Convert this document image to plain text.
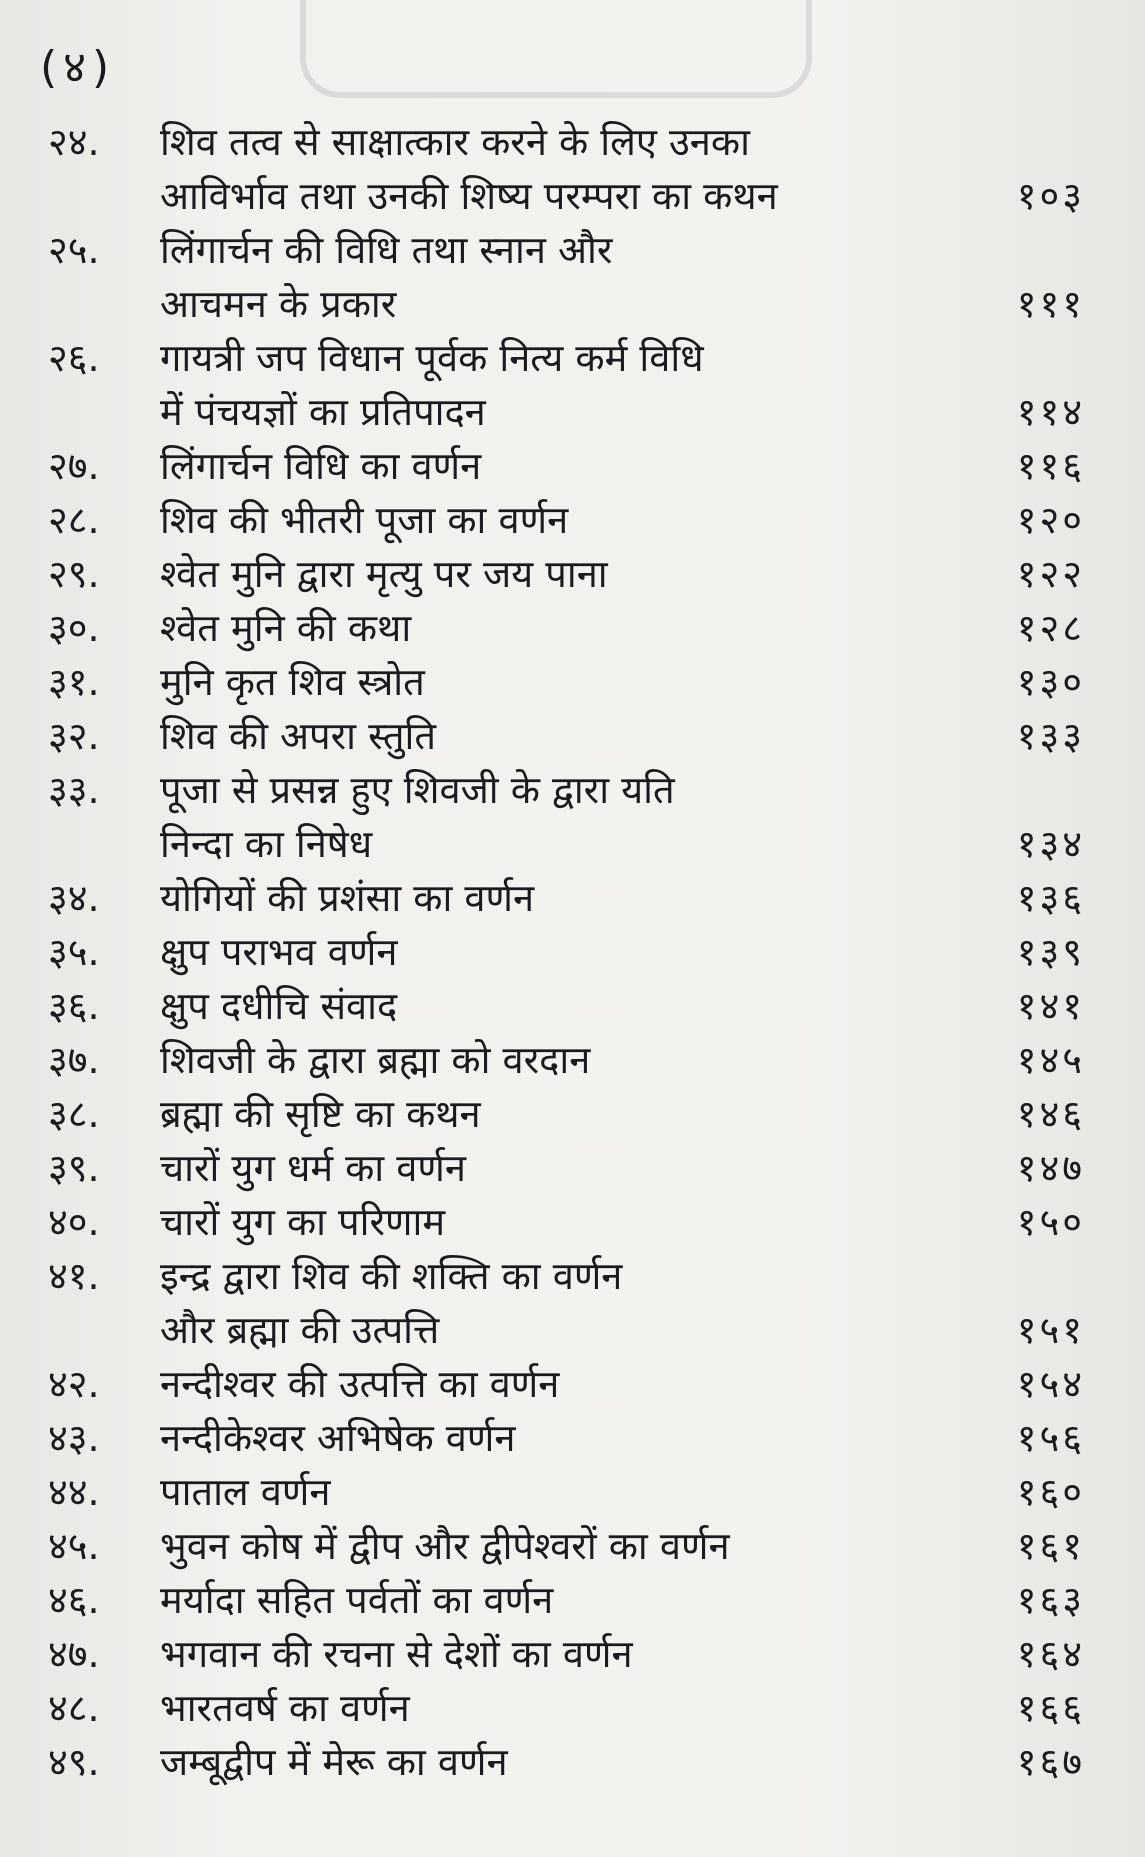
(४)
२४.	शिव तत्व से साक्षात्कार करने के लिए उनका
आविर्भाव तथा उनकी शिष्य परम्परा का कथन	१०३
२५.	लिंगार्चन की विधि तथा स्नान और
आचमन के प्रकार	१११
२६.	गायत्री जप विधान पूर्वक नित्य कर्म विधि
में पंचयज्ञों का प्रतिपादन	११४
२७.	लिंगार्चन विधि का वर्णन	११६
२८.	शिव की भीतरी पूजा का वर्णन	१२०
२९.	श्वेत मुनि द्वारा मृत्यु पर जय पाना	१२२
३०.	श्वेत मुनि की कथा	१२८
३१.	मुनि कृत शिव स्त्रोत	१३०
३२.	शिव की अपरा स्तुति	१३३
३३.	पूजा से प्रसन्न हुए शिवजी के द्वारा यति
निन्दा का निषेध	१३४
३४.	योगियों की प्रशंसा का वर्णन	१३६
३५.	क्षुप पराभव वर्णन	१३९
३६.	क्षुप दधीचि संवाद	१४१
३७.	शिवजी के द्वारा ब्रह्मा को वरदान	१४५
३८.	ब्रह्मा की सृष्टि का कथन	१४६
३९.	चारों युग धर्म का वर्णन	१४७
४०.	चारों युग का परिणाम	१५०
४१.	इन्द्र द्वारा शिव की शक्ति का वर्णन
और ब्रह्मा की उत्पत्ति	१५१
४२.	नन्दीश्वर की उत्पत्ति का वर्णन	१५४
४३.	नन्दीकेश्वर अभिषेक वर्णन	१५६
४४.	पाताल वर्णन	१६०
४५.	भुवन कोष में द्वीप और द्वीपेश्वरों का वर्णन	१६१
४६.	मर्यादा सहित पर्वतों का वर्णन	१६३
४७.	भगवान की रचना से देशों का वर्णन	१६४
४८.	भारतवर्ष का वर्णन	१६६
४९.	जम्बूद्वीप में मेरू का वर्णन	१६७
